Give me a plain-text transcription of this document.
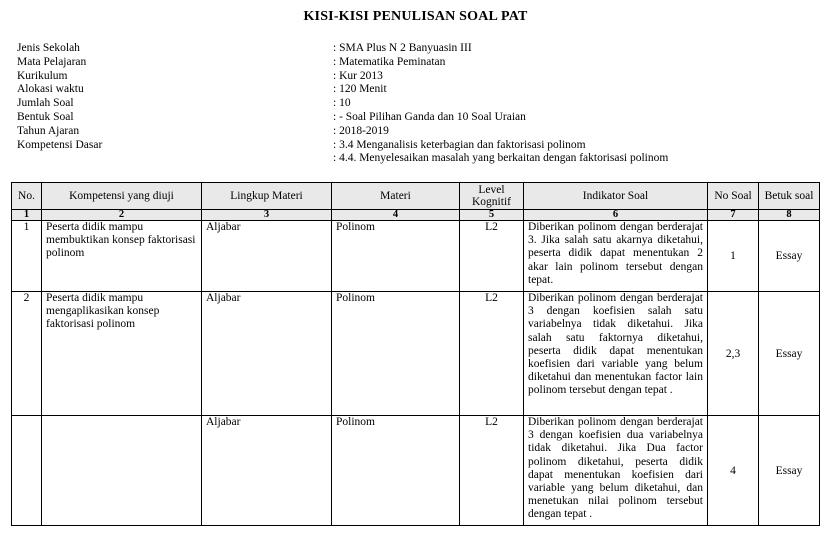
KISI-KISI PENULISAN SOAL PAT
Jenis Sekolah	: SMA Plus N 2 Banyuasin III
Mata Pelajaran	: Matematika Peminatan
Kurikulum	: Kur 2013
Alokasi waktu	: 120 Menit
Jumlah Soal	: 10
Bentuk Soal	: - Soal Pilihan Ganda dan 10 Soal Uraian
Tahun Ajaran	: 2018-2019
Kompetensi Dasar	: 3.4 Menganalisis keterbagian dan faktorisasi polinom
: 4.4. Menyelesaikan masalah yang berkaitan dengan faktorisasi polinom
No.	Kompetensi yang diuji	Lingkup Materi	Materi	Level Kognitif	Indikator Soal	No Soal	Betuk soal
1	2	3	4	5	6	7	8
1	Peserta didik mampu membuktikan konsep faktorisasi polinom	Aljabar	Polinom	L2	Diberikan polinom dengan berderajat 3. Jika salah satu akarnya diketahui, peserta didik dapat menentukan 2 akar lain polinom tersebut dengan tepat.	1	Essay
2	Peserta didik mampu mengaplikasikan konsep faktorisasi polinom	Aljabar	Polinom	L2	Diberikan polinom dengan berderajat 3 dengan koefisien salah satu variabelnya tidak diketahui. Jika salah satu faktornya diketahui, peserta didik dapat menentukan koefisien dari variable yang belum diketahui dan menentukan factor lain polinom tersebut dengan tepat .	2,3	Essay
		Aljabar	Polinom	L2	Diberikan polinom dengan berderajat 3 dengan koefisien dua variabelnya tidak diketahui. Jika Dua factor polinom diketahui, peserta didik dapat menentukan koefisien dari variable yang belum diketahui, dan menetukan nilai polinom tersebut dengan tepat .	4	Essay
